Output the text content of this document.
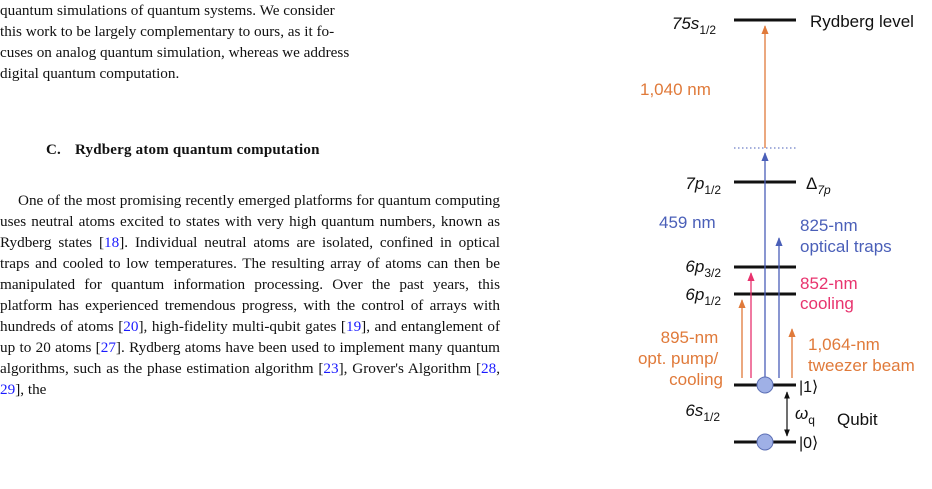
quantum simulations of quantum systems. We consider
this work to be largely complementary to ours, as it fo-
cuses on analog quantum simulation, whereas we address
digital quantum computation.

C. Rydberg atom quantum computation

One of the most promising recently emerged platforms for quantum computing uses neutral atoms excited to states with very high quantum numbers, known as Rydberg states [18]. Individual neutral atoms are isolated, confined in optical traps and cooled to low temperatures. The resulting array of atoms can then be manipulated for quantum information processing. Over the past years, this platform has experienced tremendous progress, with the control of arrays with hundreds of atoms [20], high-fidelity multi-qubit gates [19], and entanglement of up to 20 atoms [27]. Rydberg atoms have been used to implement many quantum algorithms, such as the phase estimation algorithm [23], Grover's Algorithm [28, 29], the

$75s_{1/2}$
$7p_{1/2}$
$6p_{3/2}$
$6p_{1/2}$
$6s_{1/2}$
Rydberg level
$\Delta_{7p}$
|1⟩
|0⟩
$\omega_q$ Qubit
1,040 nm
459 nm	825-nm optical traps
852-nm cooling
895-nm opt. pump/ cooling
1,064-nm tweezer beam
